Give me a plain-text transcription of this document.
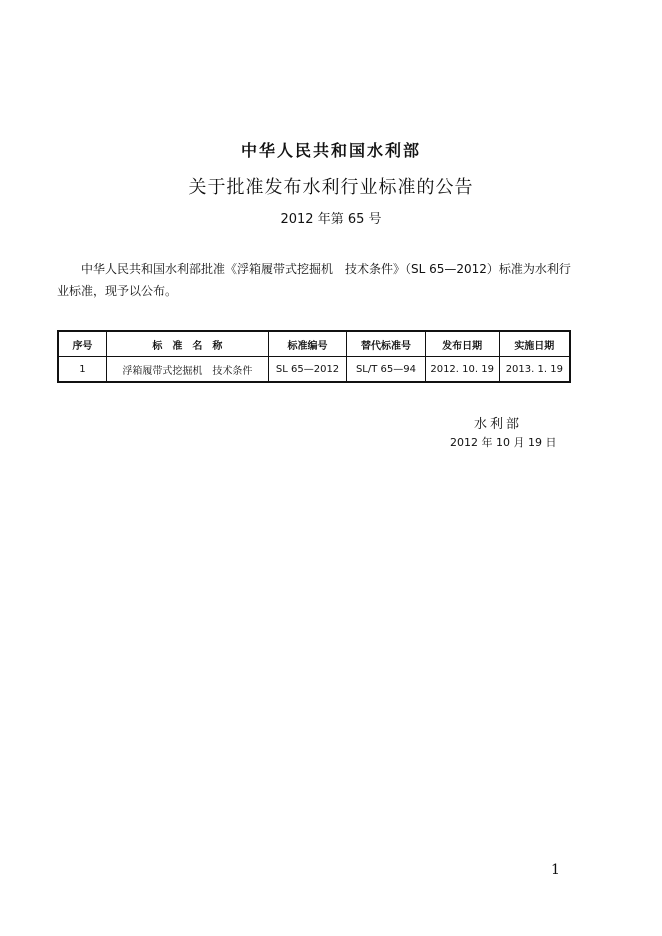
中华人民共和国水利部
关于批准发布水利行业标准的公告
2012 年第 65 号
中华人民共和国水利部批准《浮箱履带式挖掘机　技术条件》（SL 65—2012）标准为水利行业标准，现予以公布。
序号	标　准　名　称	标准编号	替代标准号	发布日期	实施日期
1	浮箱履带式挖掘机　技术条件	SL 65—2012	SL/T 65—94	2012. 10. 19	2013. 1. 19
水利部
2012 年 10 月 19 日
1
